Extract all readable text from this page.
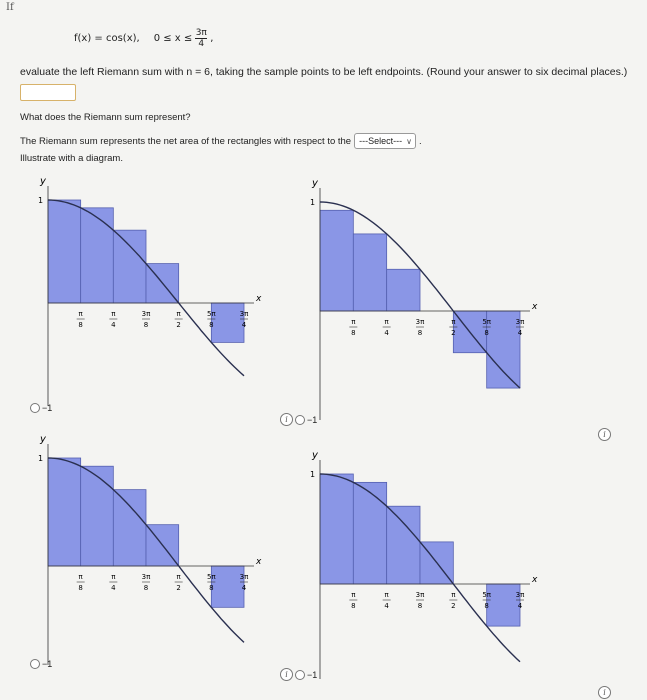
If
f(x) = cos(x), $0 \le x \le \frac{3\pi}{4}$ ,
evaluate the left Riemann sum with n = 6, taking the sample points to be left endpoints. (Round your answer to six decimal places.)
What does the Riemann sum represent?
The Riemann sum represents the net area of the rectangles with respect to the ---Select--- ∨ .
Illustrate with a diagram.
y
1
x
π
8
π
4
3π
8
π
2
5π
8
3π
4
y
1
x
π
8
π
4
3π
8
π
2
5π
8
3π
4
y
1
x
π
8
π
4
3π
8
π
2
5π
8
3π
4
y
1
x
π
8
π
4
3π
8
π
2
5π
8
3π
4
−1
i	−1
i
−1
i	−1
i
